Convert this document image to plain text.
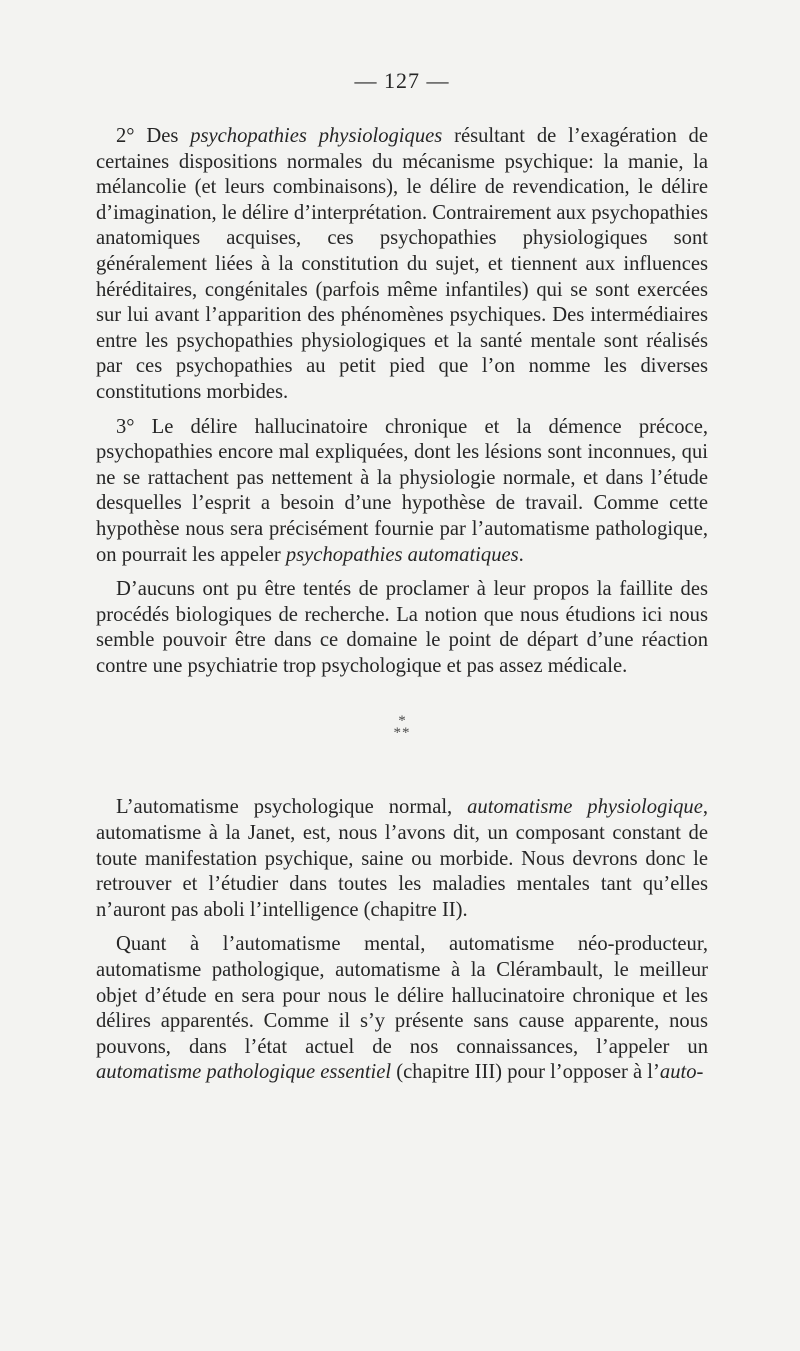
— 127 —

2° Des psychopathies physiologiques résultant de l’exagération de certaines dispositions normales du mécanisme psychique: la manie, la mélancolie (et leurs combinaisons), le délire de revendication, le délire d’imagination, le délire d’interprétation. Contrairement aux psychopathies anatomiques acquises, ces psychopathies physiologiques sont généralement liées à la constitution du sujet, et tiennent aux influences héréditaires, congénitales (parfois même infantiles) qui se sont exercées sur lui avant l’apparition des phénomènes psychiques. Des intermédiaires entre les psychopathies physiologiques et la santé mentale sont réalisés par ces psychopathies au petit pied que l’on nomme les diverses constitutions morbides.

3° Le délire hallucinatoire chronique et la démence précoce, psychopathies encore mal expliquées, dont les lésions sont inconnues, qui ne se rattachent pas nettement à la physiologie normale, et dans l’étude desquelles l’esprit a besoin d’une hypothèse de travail. Comme cette hypothèse nous sera précisément fournie par l’automatisme pathologique, on pourrait les appeler psychopathies automatiques.

D’aucuns ont pu être tentés de proclamer à leur propos la faillite des procédés biologiques de recherche. La notion que nous étudions ici nous semble pouvoir être dans ce domaine le point de départ d’une réaction contre une psychiatrie trop psychologique et pas assez médicale.

*
**

L’automatisme psychologique normal, automatisme physiologique, automatisme à la Janet, est, nous l’avons dit, un composant constant de toute manifestation psychique, saine ou morbide. Nous devrons donc le retrouver et l’étudier dans toutes les maladies mentales tant qu’elles n’auront pas aboli l’intelligence (chapitre II).

Quant à l’automatisme mental, automatisme néo-producteur, automatisme pathologique, automatisme à la Clérambault, le meilleur objet d’étude en sera pour nous le délire hallucinatoire chronique et les délires apparentés. Comme il s’y présente sans cause apparente, nous pouvons, dans l’état actuel de nos connaissances, l’appeler un automatisme pathologique essentiel (chapitre III) pour l’opposer à l’auto-
